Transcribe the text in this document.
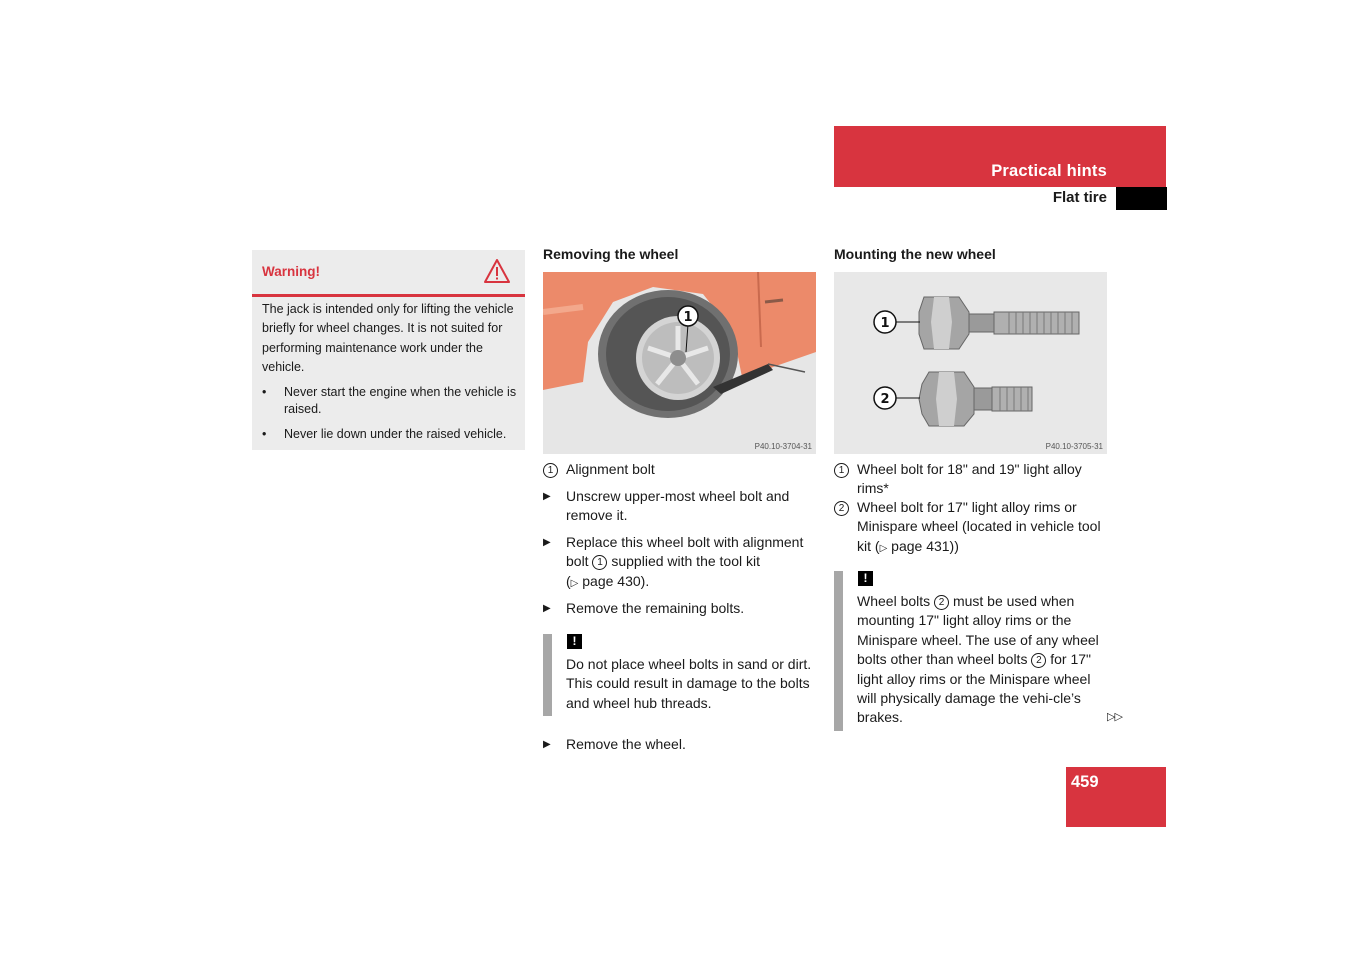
Practical hints
Flat tire
Warning!
The jack is intended only for lifting the vehicle briefly for wheel changes. It is not suited for performing maintenance work under the vehicle.
• Never start the engine when the vehicle is raised.
• Never lie down under the raised vehicle.
Removing the wheel
1
P40.10-3704-31
1 Alignment bolt
▶ Unscrew upper-most wheel bolt and remove it.
▶ Replace this wheel bolt with alignment bolt 1 supplied with the tool kit
(▷ page 430).
▶ Remove the remaining bolts.
!
Do not place wheel bolts in sand or dirt. This could result in damage to the bolts and wheel hub threads.
▶ Remove the wheel.
Mounting the new wheel
1
2
P40.10-3705-31
1 Wheel bolt for 18" and 19" light alloy rims*
2 Wheel bolt for 17" light alloy rims or Minispare wheel (located in vehicle tool kit (▷ page 431))
!
Wheel bolts 2 must be used when mounting 17" light alloy rims or the Minispare wheel. The use of any wheel bolts other than wheel bolts 2 for 17" light alloy rims or the Minispare wheel will physically damage the vehi-cle’s brakes.	▷▷
459
